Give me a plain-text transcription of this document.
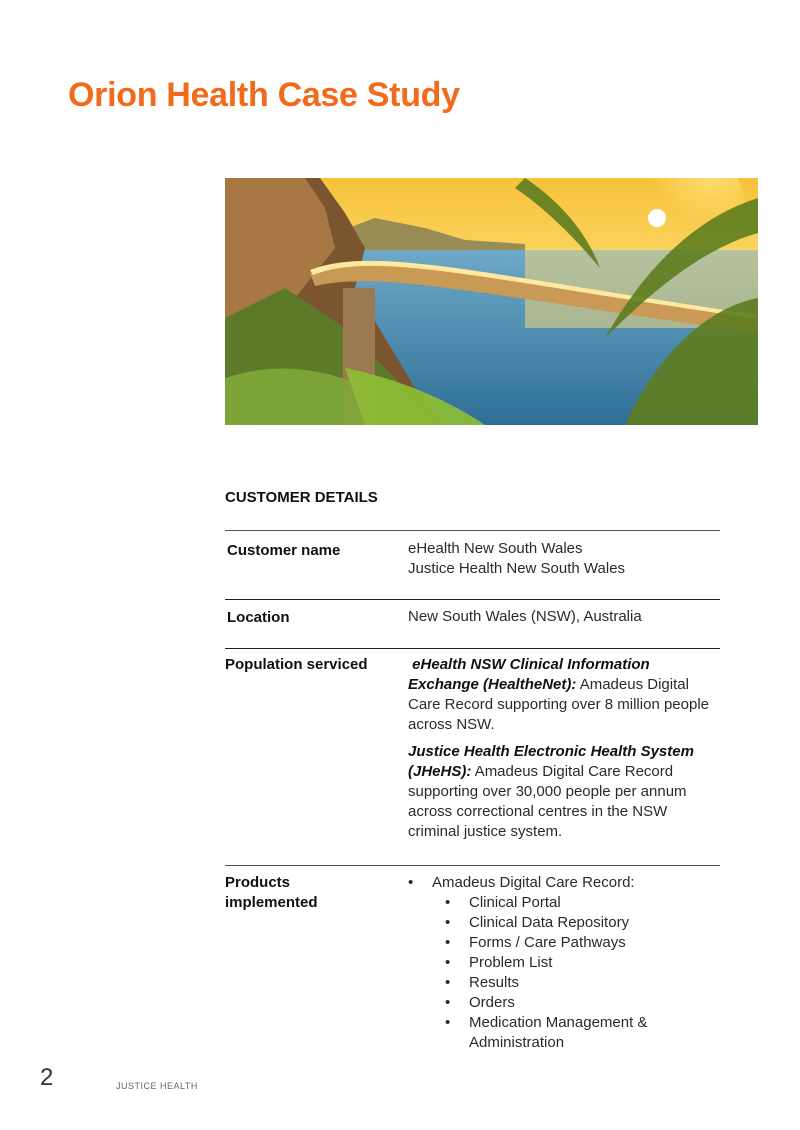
Orion Health Case Study
CUSTOMER DETAILS
Customer name	eHealth New South Wales
Justice Health New South Wales
Location	New South Wales (NSW), Australia
Population serviced	eHealth NSW Clinical Information Exchange (HealtheNet): Amadeus Digital Care Record supporting over 8 million people across NSW.
Justice Health Electronic Health System (JHeHS): Amadeus Digital Care Record supporting over 30,000 people per annum across correctional centres in the NSW criminal justice system.
Products implemented
• Amadeus Digital Care Record:
• Clinical Portal
• Clinical Data Repository
• Forms / Care Pathways
• Problem List
• Results
• Orders
• Medication Management & Administration
2	JUSTICE HEALTH
